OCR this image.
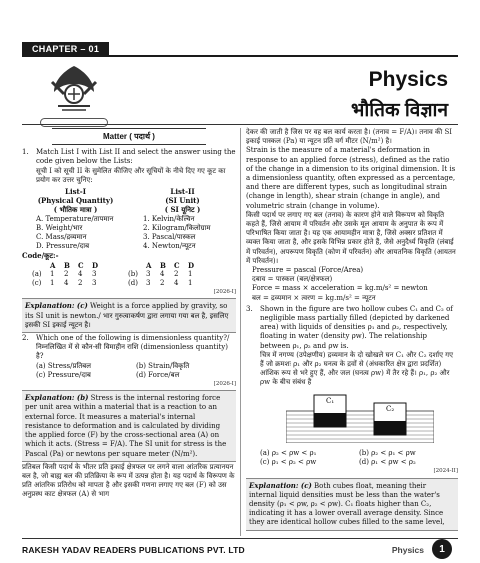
CHAPTER – 01
Physics
भौतिक विज्ञान
Matter ( पदार्थ )
1.	Match List I with List II and select the answer using the code given below the Lists:
सूची I को सूची II के सुमेलित कीजिए और सूचियों के नीचे दिए गए कूट का प्रयोग कर उत्तर चुनिए:
List-I	List-II
(Physical Quantity)	(SI Unit)
( भौतिक मात्रा )	( SI यूनिट )
A. Temperature/तापमान	1. Kelvin/केल्विन
B. Weight/भार	2. Kilogram/किलोग्राम
C. Mass/द्रव्यमान	3. Pascal/पास्कल
D. Pressure/दाब	4. Newton/न्यूटन
Code/कूट:-
A	B	C	D	A	B	C	D
(a)	1	2	4	3	(b)	3	4	2	1
(c)	1	4	2	3	(d)	3	2	4	1
[2026-I]
Explanation: (c) Weight is a force applied by gravity, so its SI unit is newton./ भार गुरुत्वाकर्षण द्वारा लगाया गया बल है, इसलिए इसकी SI इकाई न्यूटन है।
2.	Which one of the following is dimensionless quantity?/ निम्नलिखित में से कौन-सी विमाहीन राशि (dimensionless quantity) है?
(a) Stress/प्रतिबल	(b) Strain/विकृति
(c) Pressure/दाब	(d) Force/बल
[2026-I]
Explanation: (b) Stress is the internal restoring force per unit area within a material that is a reaction to an external force. It measures a material's internal resistance to deformation and is calculated by dividing the applied force (F) by the cross-sectional area (A) on which it acts. (Stress = F/A). The SI unit for stress is the Pascal (Pa) or newtons per square meter (N/m²).
प्रतिबल किसी पदार्थ के भीतर प्रति इकाई क्षेत्रफल पर लगने वाला आंतरिक प्रत्यानयन बल है, जो बाह्य बल की प्रतिक्रिया के रूप में उत्पन्न होता है। यह पदार्थ के विरूपण के प्रति आंतरिक प्रतिरोध को मापता है और इसकी गणना लगाए गए बल (F) को उस अनुप्रस्थ काट क्षेत्रफल (A) से भाग
देकर की जाती है जिस पर वह बल कार्य करता है। (तनाव = F/A)। तनाव की SI इकाई पास्कल (Pa) या न्यूटन प्रति वर्ग मीटर (N/m²) है।
Strain is the measure of a material's deformation in response to an applied force (stress), defined as the ratio of the change in a dimension to its original dimension. It is a dimensionless quantity, often expressed as a percentage, and there are different types, such as longitudinal strain (change in length), shear strain (change in angle), and volumetric strain (change in volume).
किसी पदार्थ पर लगाए गए बल (तनाव) के कारण होने वाले विरूपण को विकृति कहते हैं, जिसे आयाम में परिवर्तन और उसके मूल आयाम के अनुपात के रूप में परिभाषित किया जाता है। यह एक आयामहीन मात्रा है, जिसे अक्सर प्रतिशत में व्यक्त किया जाता है, और इसके विभिन्न प्रकार होते हैं, जैसे अनुदैर्ध्य विकृति (लंबाई में परिवर्तन), अपरूपण विकृति (कोण में परिवर्तन) और आयतनिक विकृति (आयतन में परिवर्तन)।
Pressure = pascal (Force/Area)
दबाव = पास्कल (बल/क्षेत्रफल)
Force = mass × acceleration = kg.m/s² = newton
बल = द्रव्यमान × त्वरण = kg.m/s² = न्यूटन
3.	Shown in the figure are two hollow cubes C₁ and C₂ of negligible mass partially filled (depicted by darkened area) with liquids of densities ρ₁ and ρ₂, respectively, floating in water (density ρw). The relationship between ρ₁, ρ₂ and ρw is.
चित्र में नगण्य (उपेक्षणीय) द्रव्यमान के दो खोखले घन C₁ और C₂ दर्शाए गए हैं जो क्रमशः ρ₁ और ρ₂ घनत्व के द्रवों से (अंधकारित क्षेत्र द्वारा प्रदर्शित) आंशिक रूप से भरे हुए हैं, और जल (घनत्व ρw) में तैर रहे हैं। ρ₁, ρ₂ और ρw के बीच संबंध है
C₁
C₂
(a) ρ₂ < ρw < ρ₁	(b) ρ₂ < ρ₁ < ρw
(c) ρ₁ < ρ₂ < ρw	(d) ρ₁ < ρw < ρ₂
[2024-II]
Explanation: (c) Both cubes float, meaning their internal liquid densities must be less than the water's density (ρ₁ < ρw, ρ₂ < ρw). C₁ floats higher than C₂, indicating it has a lower overall average density. Since they are identical hollow cubes filled to the same level,
RAKESH YADAV READERS PUBLICATIONS PVT. LTD	Physics	1
